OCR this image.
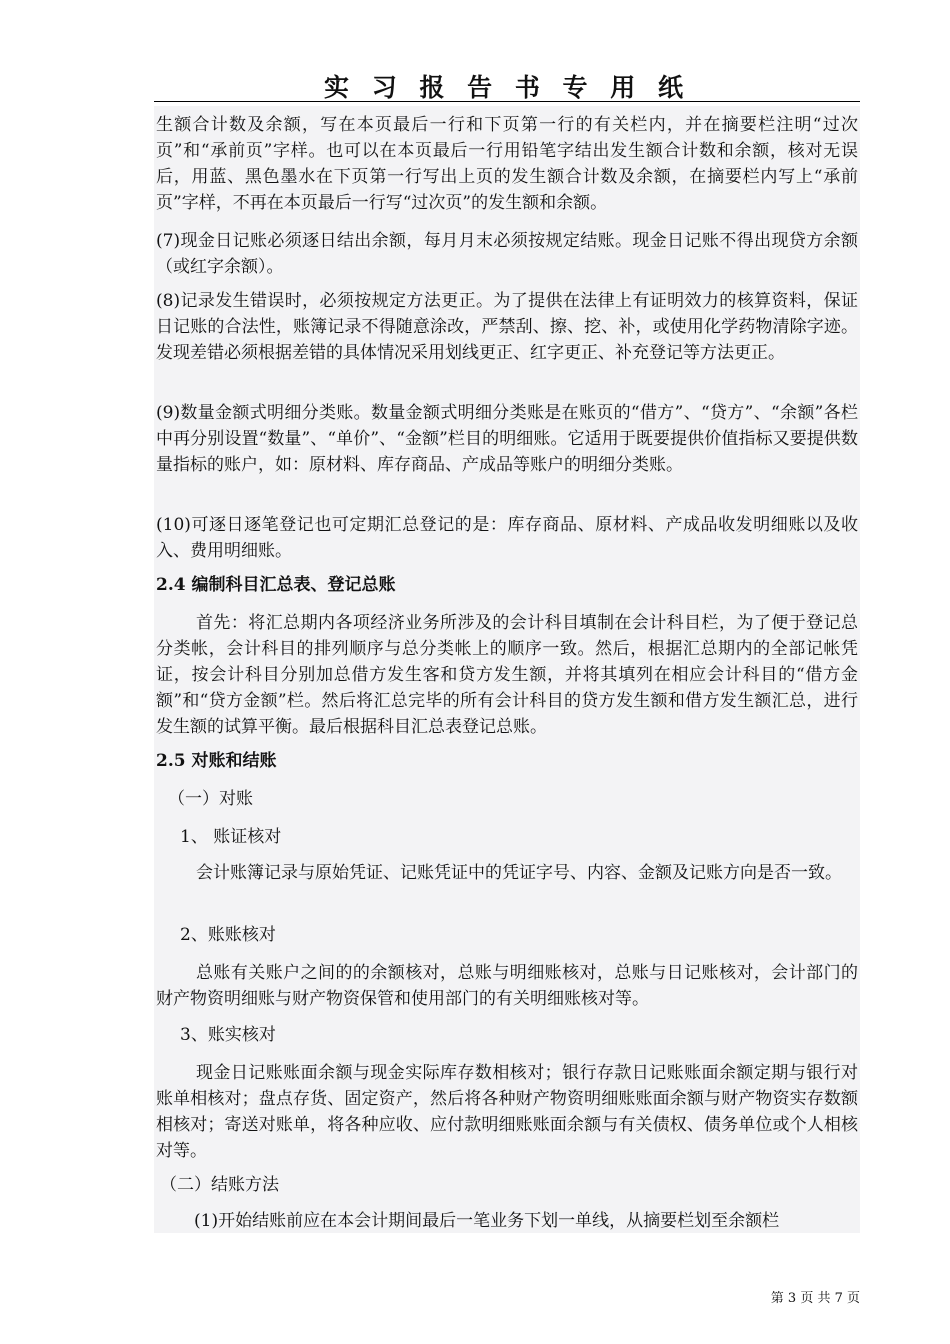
实 习 报 告 书 专 用 纸

生额合计数及余额，写在本页最后一行和下页第一行的有关栏内，并在摘要栏注明“过次页”和“承前页”字样。也可以在本页最后一行用铅笔字结出发生额合计数和余额，核对无误后，用蓝、黑色墨水在下页第一行写出上页的发生额合计数及余额，在摘要栏内写上“承前页”字样，不再在本页最后一行写“过次页”的发生额和余额。

(7)现金日记账必须逐日结出余额，每月月末必须按规定结账。现金日记账不得出现贷方余额（或红字余额）。

(8)记录发生错误时，必须按规定方法更正。为了提供在法律上有证明效力的核算资料，保证日记账的合法性，账簿记录不得随意涂改，严禁刮、擦、挖、补，或使用化学药物清除字迹。发现差错必须根据差错的具体情况采用划线更正、红字更正、补充登记等方法更正。

(9)数量金额式明细分类账。数量金额式明细分类账是在账页的“借方”、“贷方”、“余额”各栏中再分别设置“数量”、“单价”、“金额”栏目的明细账。它适用于既要提供价值指标又要提供数量指标的账户，如：原材料、库存商品、产成品等账户的明细分类账。

(10)可逐日逐笔登记也可定期汇总登记的是：库存商品、原材料、产成品收发明细账以及收入、费用明细账。

2.4 编制科目汇总表、登记总账

首先：将汇总期内各项经济业务所涉及的会计科目填制在会计科目栏，为了便于登记总分类帐，会计科目的排列顺序与总分类帐上的顺序一致。然后，根据汇总期内的全部记帐凭证，按会计科目分别加总借方发生客和贷方发生额，并将其填列在相应会计科目的“借方金额”和“贷方金额”栏。然后将汇总完毕的所有会计科目的贷方发生额和借方发生额汇总，进行发生额的试算平衡。最后根据科目汇总表登记总账。

2.5 对账和结账
（一）对账
1、 账证核对

会计账簿记录与原始凭证、记账凭证中的凭证字号、内容、金额及记账方向是否一致。

2、账账核对

总账有关账户之间的的余额核对，总账与明细账核对，总账与日记账核对，会计部门的财产物资明细账与财产物资保管和使用部门的有关明细账核对等。

3、账实核对

现金日记账账面余额与现金实际库存数相核对；银行存款日记账账面余额定期与银行对账单相核对；盘点存货、固定资产，然后将各种财产物资明细账账面余额与财产物资实存数额相核对；寄送对账单，将各种应收、应付款明细账账面余额与有关债权、债务单位或个人相核对等。

（二）结账方法

(1)开始结账前应在本会计期间最后一笔业务下划一单线，从摘要栏划至余额栏

第 3 页 共 7 页
